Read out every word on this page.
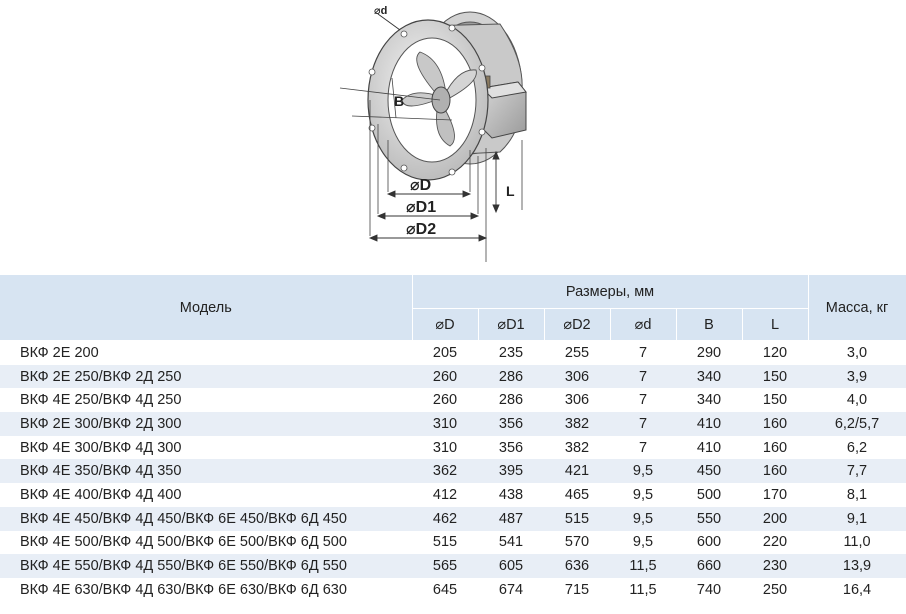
⌀d
B
L
⌀D
⌀D1
⌀D2
Модель	Размеры, мм						Масса, кг
	⌀D	⌀D1	⌀D2	⌀d	B	L	
ВКФ 2Е 200	205	235	255	7	290	120	3,0
ВКФ 2Е 250/ВКФ 2Д 250	260	286	306	7	340	150	3,9
ВКФ 4Е 250/ВКФ 4Д 250	260	286	306	7	340	150	4,0
ВКФ 2Е 300/ВКФ 2Д 300	310	356	382	7	410	160	6,2/5,7
ВКФ 4Е 300/ВКФ 4Д 300	310	356	382	7	410	160	6,2
ВКФ 4Е 350/ВКФ 4Д 350	362	395	421	9,5	450	160	7,7
ВКФ 4Е 400/ВКФ 4Д 400	412	438	465	9,5	500	170	8,1
ВКФ 4Е 450/ВКФ 4Д 450/ВКФ 6Е 450/ВКФ 6Д 450	462	487	515	9,5	550	200	9,1
ВКФ 4Е 500/ВКФ 4Д 500/ВКФ 6Е 500/ВКФ 6Д 500	515	541	570	9,5	600	220	11,0
ВКФ 4Е 550/ВКФ 4Д 550/ВКФ 6Е 550/ВКФ 6Д 550	565	605	636	11,5	660	230	13,9
ВКФ 4Е 630/ВКФ 4Д 630/ВКФ 6Е 630/ВКФ 6Д 630	645	674	715	11,5	740	250	16,4
